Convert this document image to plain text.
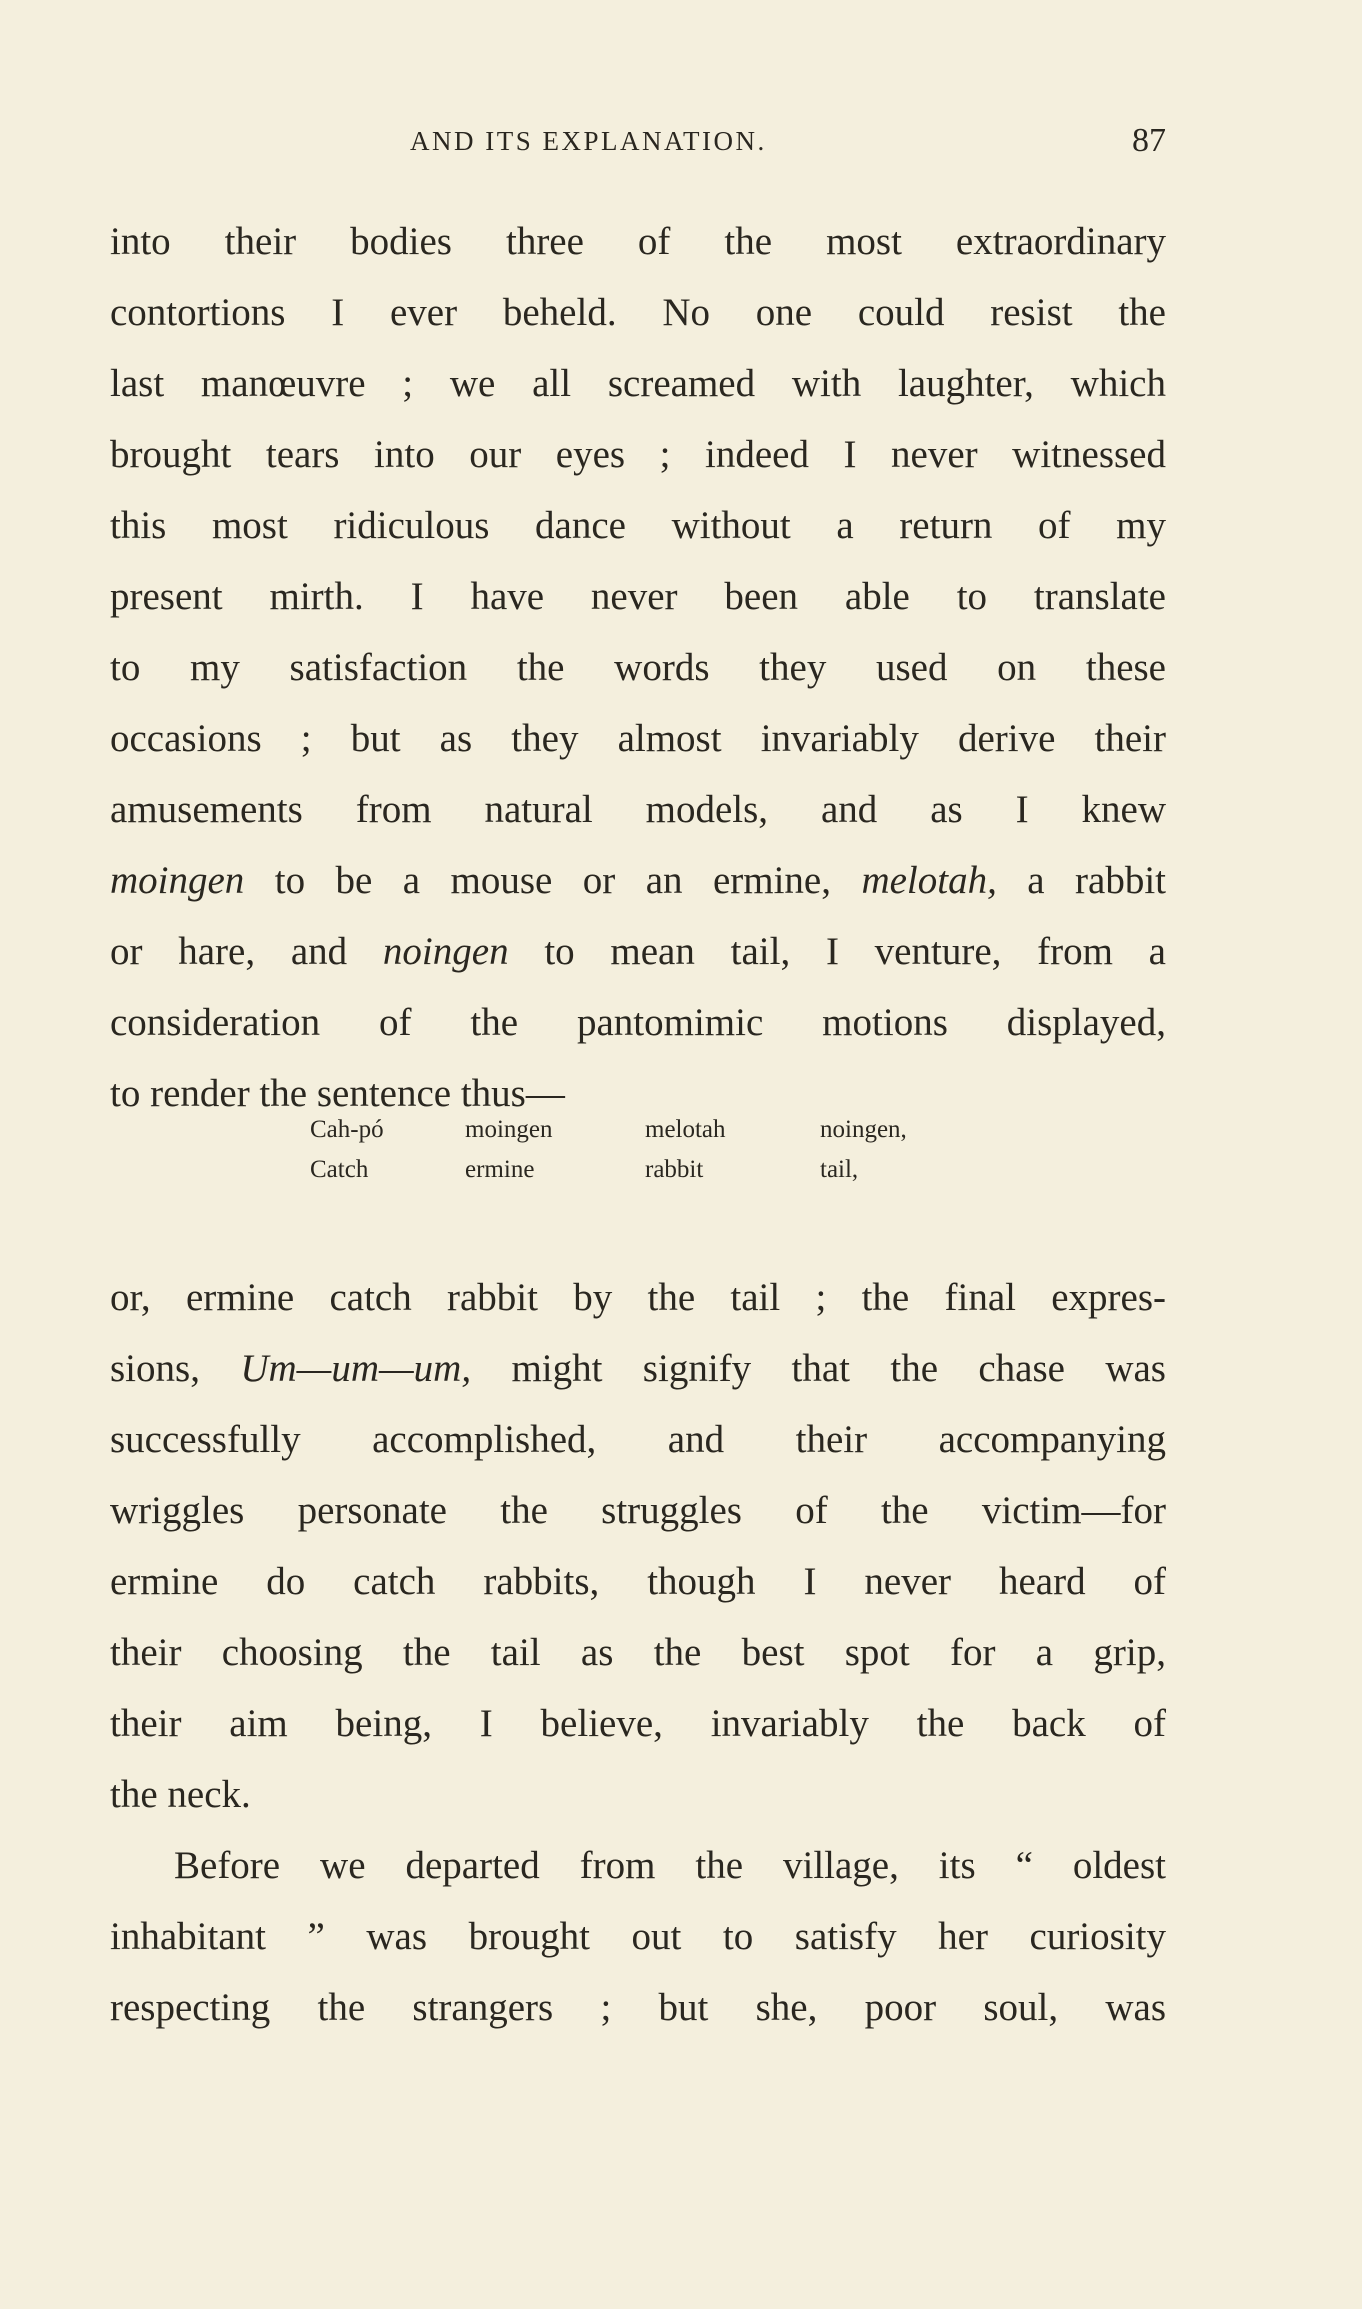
AND ITS EXPLANATION.	87
into their bodies three of the most extraordinary
contortions I ever beheld. No one could resist the
last manœuvre ; we all screamed with laughter, which
brought tears into our eyes ; indeed I never witnessed
this most ridiculous dance without a return of my
present mirth. I have never been able to translate
to my satisfaction the words they used on these
occasions ; but as they almost invariably derive their
amusements from natural models, and as I knew
moingen to be a mouse or an ermine, melotah, a rabbit
or hare, and noingen to mean tail, I venture, from a
consideration of the pantomimic motions displayed,
to render the sentence thus—
Cah-pó	moingen	melotah	noingen,
Catch	ermine	rabbit	tail,
or, ermine catch rabbit by the tail ; the final expres-
sions, Um—um—um, might signify that the chase was
successfully accomplished, and their accompanying
wriggles personate the struggles of the victim—for
ermine do catch rabbits, though I never heard of
their choosing the tail as the best spot for a grip,
their aim being, I believe, invariably the back of
the neck.
Before we departed from the village, its “ oldest
inhabitant ” was brought out to satisfy her curiosity
respecting the strangers ; but she, poor soul, was
